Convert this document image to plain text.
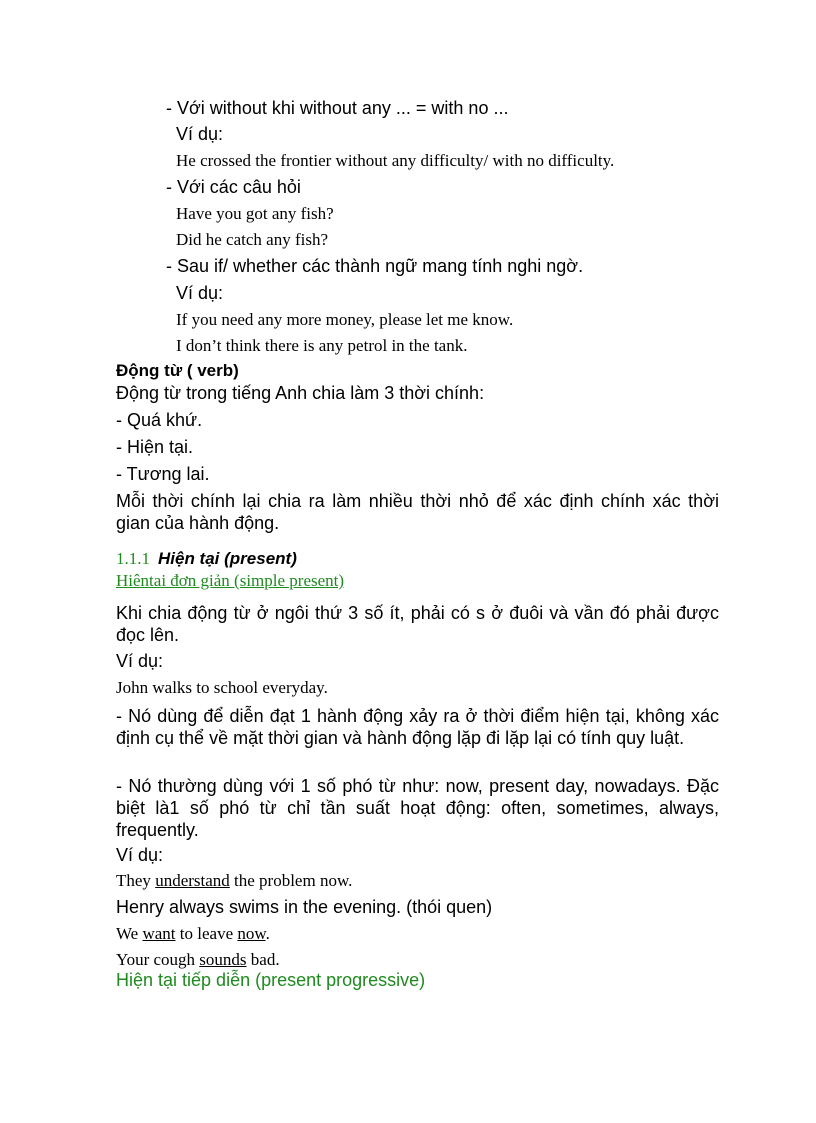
- Với without khi without any ... = with no ...
Ví dụ:
He crossed the frontier without any difficulty/ with no difficulty.
- Với các câu hỏi
Have you got any fish?
Did he catch any fish?
- Sau if/ whether các thành ngữ mang tính nghi ngờ.
Ví dụ:
If you need any more money, please let me know.
I don’t think there is any petrol in the tank.
Động từ ( verb)
Động từ trong tiếng Anh chia làm 3 thời chính:
- Quá khứ.
- Hiện tại.
- Tương lai.
Mỗi thời chính lại chia ra làm nhiều thời nhỏ để xác định chính xác thời gian của hành động.
1.1.1 Hiện tại (present)
Hiêntai đơn giản (simple present)
Khi chia động từ ở ngôi thứ 3 số ít, phải có s ở đuôi và vần đó phải được đọc lên.
Ví dụ:
John walks to school everyday.
- Nó dùng để diễn đạt 1 hành động xảy ra ở thời điểm hiện tại, không xác định cụ thể về mặt thời gian và hành động lặp đi lặp lại có tính quy luật.
- Nó thường dùng với 1 số phó từ như: now, present day, nowadays. Đặc biệt là1 số phó từ chỉ tần suất hoạt động: often, sometimes, always, frequently.
Ví dụ:
They understand the problem now.
Henry always swims in the evening. (thói quen)
We want to leave now.
Your cough sounds bad.
Hiện tại tiếp diễn (present progressive)
